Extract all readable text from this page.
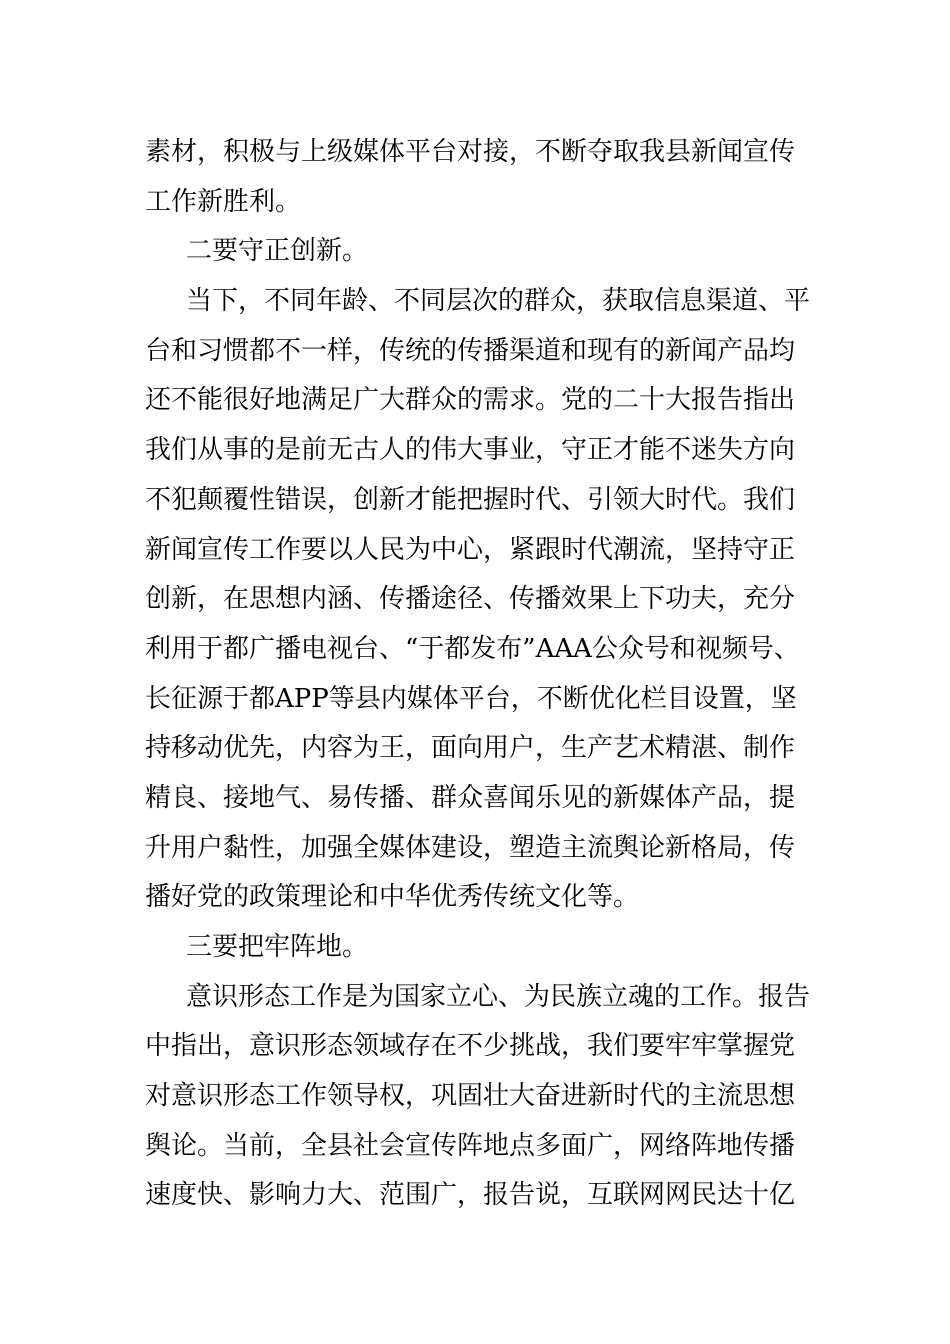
素材，积极与上级媒体平台对接，不断夺取我县新闻宣传
工作新胜利。
二要守正创新。
当下，不同年龄、不同层次的群众，获取信息渠道、平
台和习惯都不一样，传统的传播渠道和现有的新闻产品均
还不能很好地满足广大群众的需求。党的二十大报告指出
我们从事的是前无古人的伟大事业，守正才能不迷失方向
不犯颠覆性错误，创新才能把握时代、引领大时代。我们
新闻宣传工作要以人民为中心，紧跟时代潮流，坚持守正
创新，在思想内涵、传播途径、传播效果上下功夫，充分
利用于都广播电视台、“于都发布”AAA公众号和视频号、
长征源于都APP等县内媒体平台，不断优化栏目设置，坚
持移动优先，内容为王，面向用户，生产艺术精湛、制作
精良、接地气、易传播、群众喜闻乐见的新媒体产品，提
升用户黏性，加强全媒体建设，塑造主流舆论新格局，传
播好党的政策理论和中华优秀传统文化等。
三要把牢阵地。
意识形态工作是为国家立心、为民族立魂的工作。报告
中指出，意识形态领域存在不少挑战，我们要牢牢掌握党
对意识形态工作领导权，巩固壮大奋进新时代的主流思想
舆论。当前，全县社会宣传阵地点多面广，网络阵地传播
速度快、影响力大、范围广，报告说，互联网网民达十亿
